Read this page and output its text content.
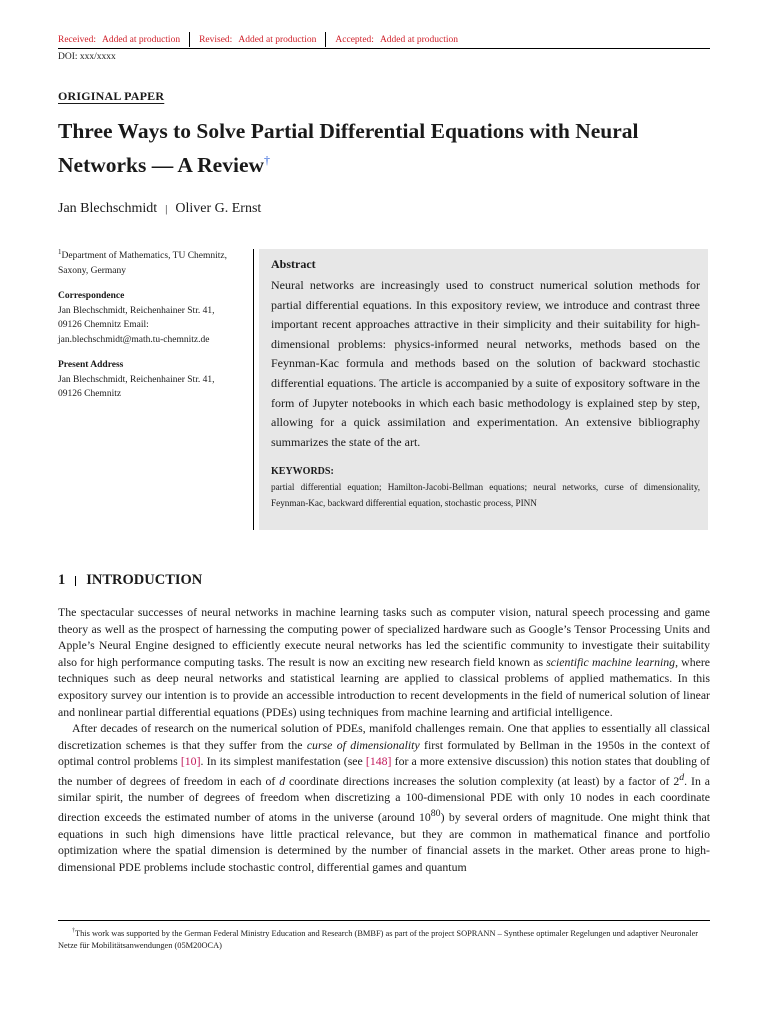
Received: Added at production	Revised: Added at production	Accepted: Added at production
DOI: xxx/xxxx
ORIGINAL PAPER
Three Ways to Solve Partial Differential Equations with Neural Networks — A Review†
Jan Blechschmidt | Oliver G. Ernst

$^1$Department of Mathematics, TU Chemnitz, Saxony, Germany

Correspondence

Jan Blechschmidt, Reichenhainer Str. 41,

09126 Chemnitz Email:

jan.blechschmidt@math.tu-chemnitz.de

Present Address

Jan Blechschmidt, Reichenhainer Str. 41,

09126 Chemnitz

Abstract

Neural networks are increasingly used to construct numerical solution methods for partial differential equations. In this expository review, we introduce and contrast three important recent approaches attractive in their simplicity and their suitability for high-dimensional problems: physics-informed neural networks, methods based on the Feynman-Kac formula and methods based on the solution of backward stochastic differential equations. The article is accompanied by a suite of expository software in the form of Jupyter notebooks in which each basic methodology is explained step by step, allowing for a quick assimilation and experimentation. An extensive bibliography summarizes the state of the art.

KEYWORDS:

partial differential equation; Hamilton-Jacobi-Bellman equations; neural networks, curse of dimensionality, Feynman-Kac, backward differential equation, stochastic process, PINN

1 INTRODUCTION

The spectacular successes of neural networks in machine learning tasks such as computer vision, natural speech processing and game theory as well as the prospect of harnessing the computing power of specialized hardware such as Google’s Tensor Processing Units and Apple’s Neural Engine designed to efficiently execute neural networks has led the scientific community to investigate their suitability also for high performance computing tasks. The result is now an exciting new research field known as scientific machine learning, where techniques such as deep neural networks and statistical learning are applied to classical problems of applied mathematics. In this expository survey our intention is to provide an accessible introduction to recent developments in the field of numerical solution of linear and nonlinear partial differential equations (PDEs) using techniques from machine learning and artificial intelligence.

After decades of research on the numerical solution of PDEs, manifold challenges remain. One that applies to essentially all classical discretization schemes is that they suffer from the curse of dimensionality first formulated by Bellman in the 1950s in the context of optimal control problems [10]. In its simplest manifestation (see [148] for a more extensive discussion) this notion states that doubling of the number of degrees of freedom in each of d coordinate directions increases the solution complexity (at least) by a factor of 2$^d$. In a similar spirit, the number of degrees of freedom when discretizing a 100-dimensional PDE with only 10 nodes in each coordinate direction exceeds the estimated number of atoms in the universe (around $10^{80}$) by several orders of magnitude. One might think that equations in such high dimensions have little practical relevance, but they are common in mathematical finance and portfolio optimization where the spatial dimension is determined by the number of financial assets in the market. Other areas prone to high-dimensional PDE problems include stochastic control, differential games and quantum

†This work was supported by the German Federal Ministry Education and Research (BMBF) as part of the project SOPRANN – Synthese optimaler Regelungen und adaptiver Neuronaler Netze für Mobilitätsanwendungen (05M20OCA)
